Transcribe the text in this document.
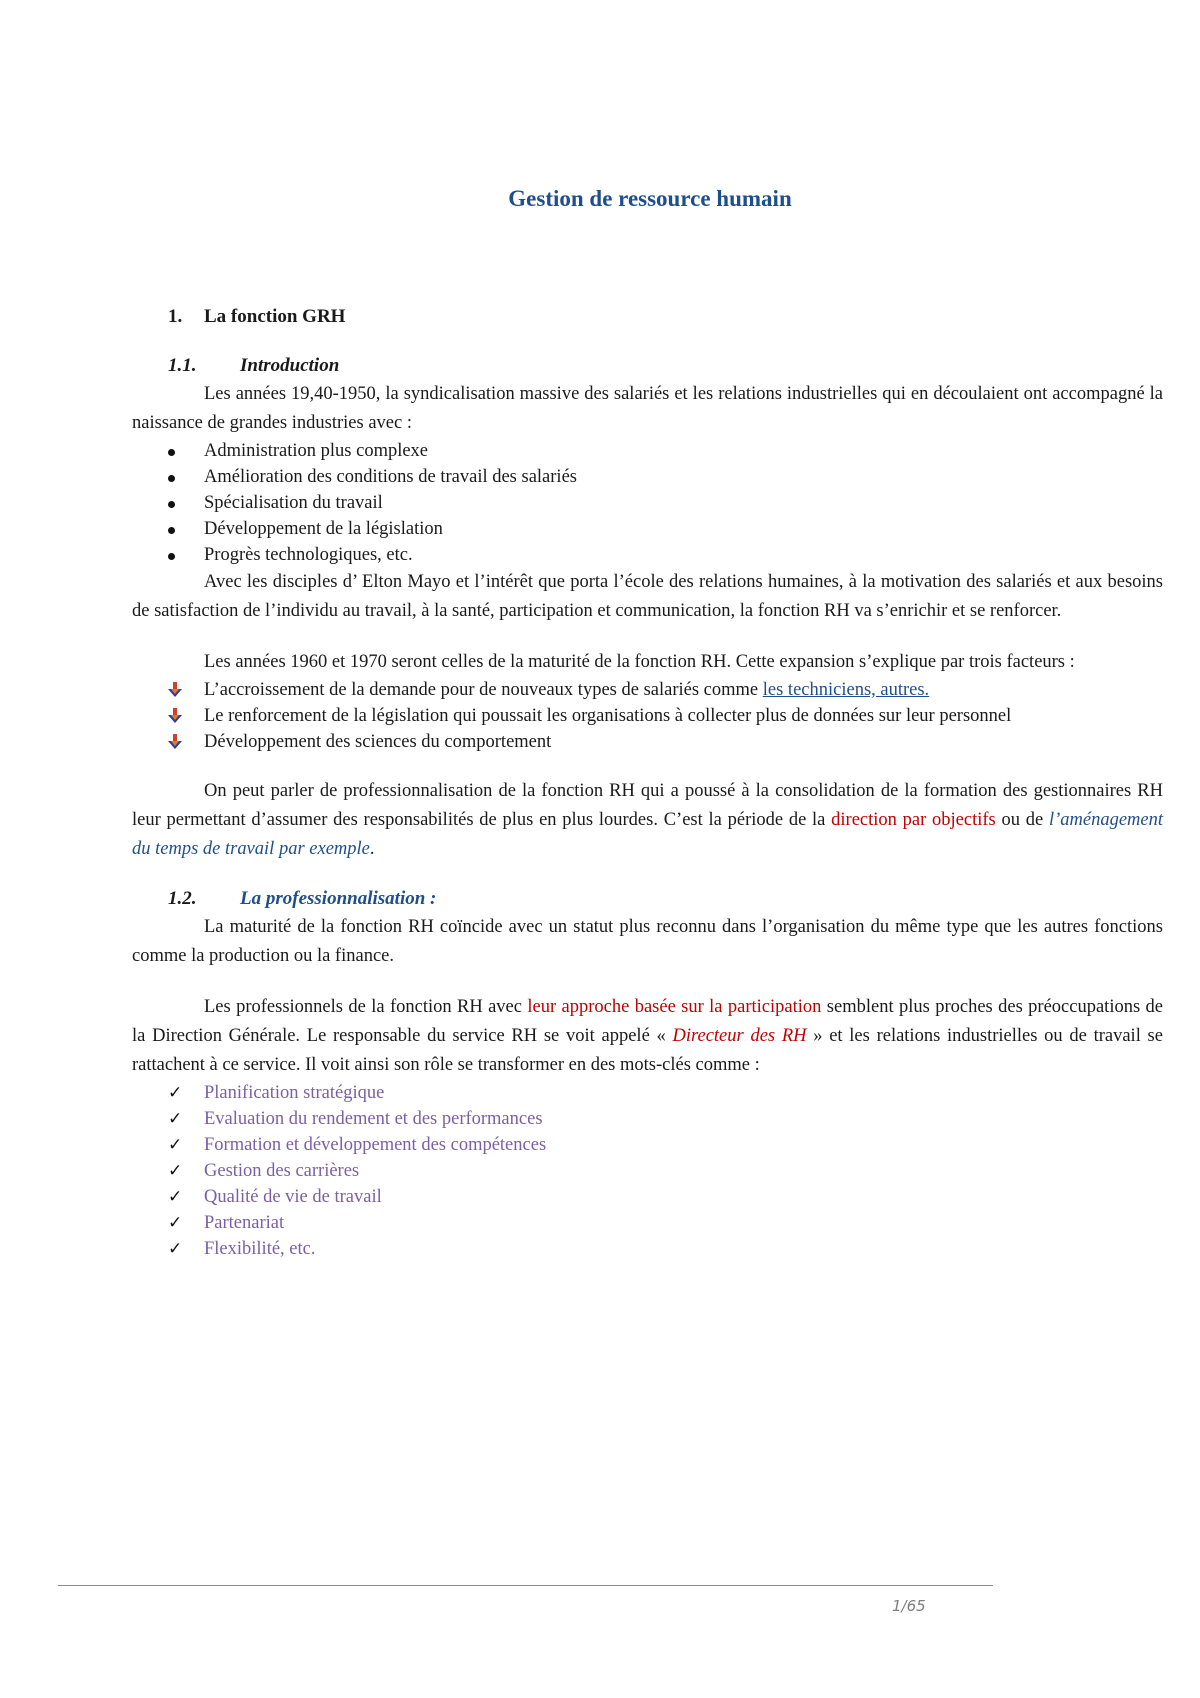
Gestion de ressource humain
1. La fonction GRH
1.1. Introduction

Les années 19,40-1950, la syndicalisation massive des salariés et les relations industrielles qui en découlaient ont accompagné la naissance de grandes industries avec :

Administration plus complexe
Amélioration des conditions de travail des salariés
Spécialisation du travail
Développement de la législation
Progrès technologiques, etc.

Avec les disciples d’ Elton Mayo et l’intérêt que porta l’école des relations humaines, à la motivation des salariés et aux besoins de satisfaction de l’individu au travail, à la santé, participation et communication, la fonction RH va s’enrichir et se renforcer.

Les années 1960 et 1970 seront celles de la maturité de la fonction RH. Cette expansion s’explique par trois facteurs :

L’accroissement de la demande pour de nouveaux types de salariés comme les techniciens, autres.
Le renforcement de la législation qui poussait les organisations à collecter plus de données sur leur personnel
Développement des sciences du comportement

On peut parler de professionnalisation de la fonction RH qui a poussé à la consolidation de la formation des gestionnaires RH leur permettant d’assumer des responsabilités de plus en plus lourdes. C’est la période de la direction par objectifs ou de l’aménagement du temps de travail par exemple.

1.2. La professionnalisation :

La maturité de la fonction RH coïncide avec un statut plus reconnu dans l’organisation du même type que les autres fonctions comme la production ou la finance.

Les professionnels de la fonction RH avec leur approche basée sur la participation semblent plus proches des préoccupations de la Direction Générale. Le responsable du service RH se voit appelé « Directeur des RH » et les relations industrielles ou de travail se rattachent à ce service. Il voit ainsi son rôle se transformer en des mots-clés comme :

✓	Planification stratégique
✓	Evaluation du rendement et des performances
✓	Formation et développement des compétences
✓	Gestion des carrières
✓	Qualité de vie de travail
✓	Partenariat
✓	Flexibilité, etc.
1/65
